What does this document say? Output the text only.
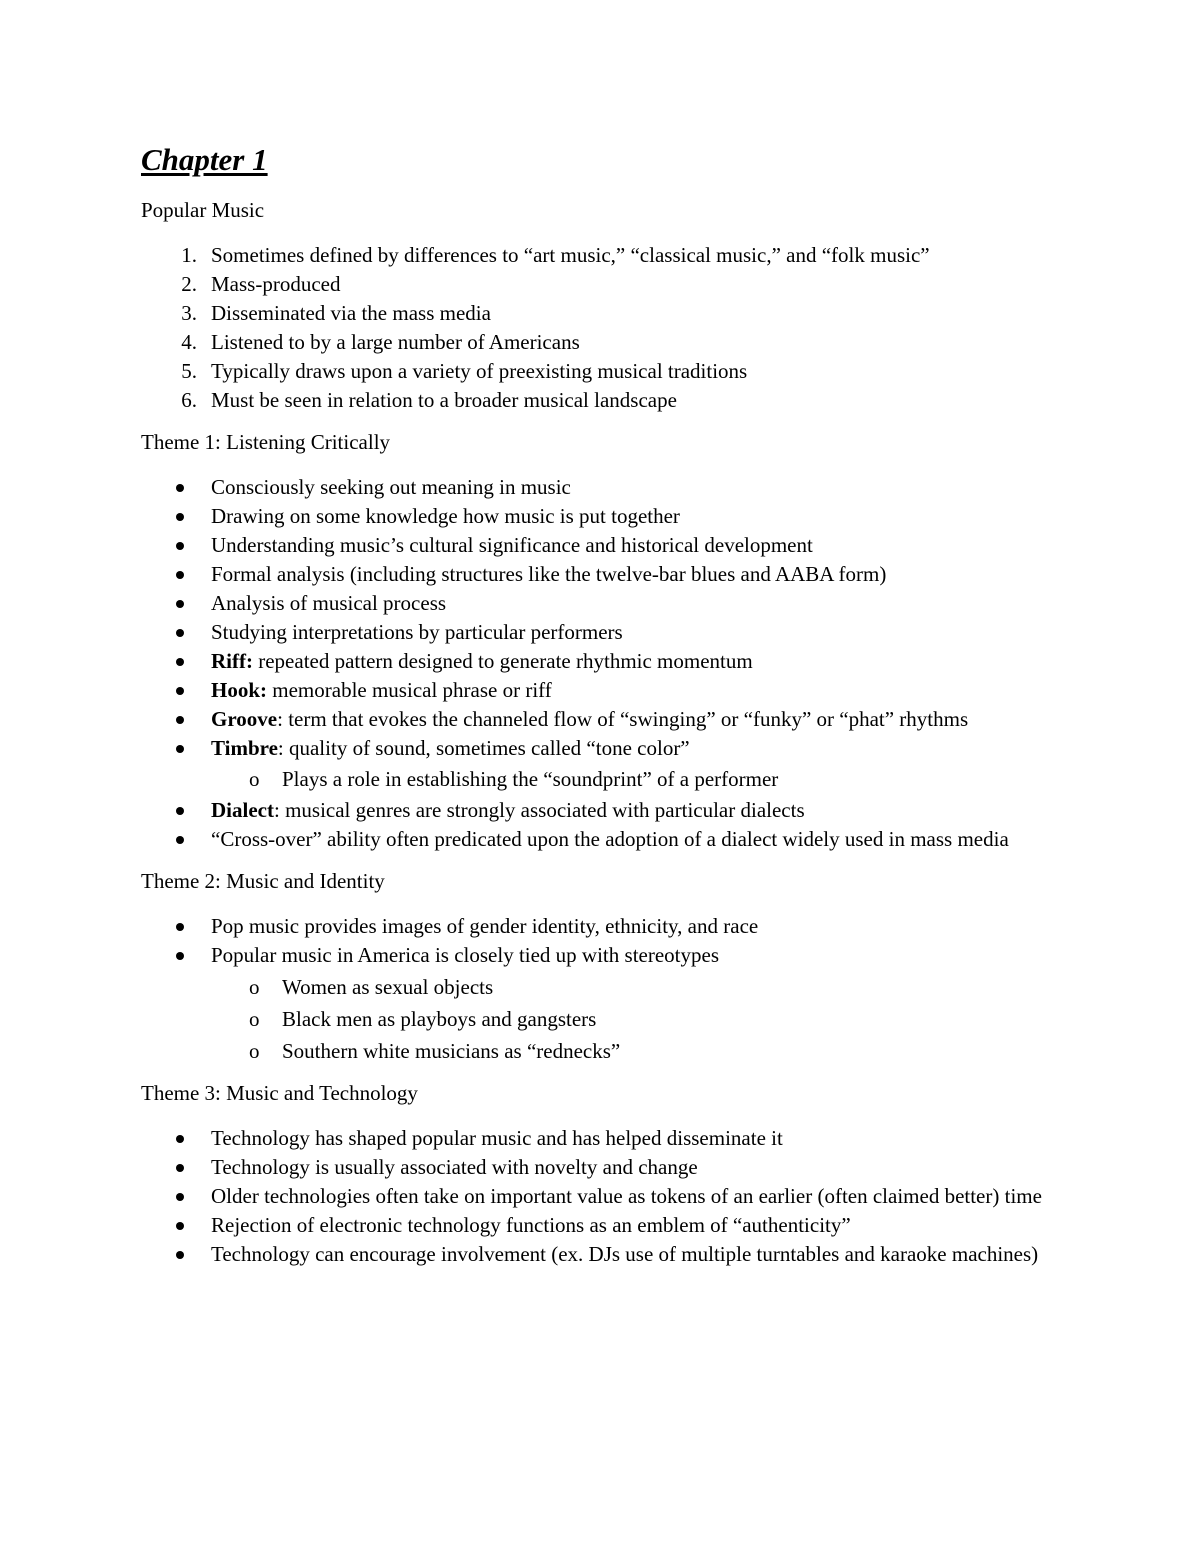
Chapter 1

Popular Music

1. Sometimes defined by differences to “art music,” “classical music,” and “folk music”
2. Mass-produced
3. Disseminated via the mass media
4. Listened to by a large number of Americans
5. Typically draws upon a variety of preexisting musical traditions
6. Must be seen in relation to a broader musical landscape

Theme 1: Listening Critically

Consciously seeking out meaning in music
Drawing on some knowledge how music is put together
Understanding music’s cultural significance and historical development
Formal analysis (including structures like the twelve-bar blues and AABA form)
Analysis of musical process
Studying interpretations by particular performers
Riff: repeated pattern designed to generate rhythmic momentum
Hook: memorable musical phrase or riff
Groove: term that evokes the channeled flow of “swinging” or “funky” or “phat” rhythms
Timbre: quality of sound, sometimes called “tone color”
o Plays a role in establishing the “soundprint” of a performer
Dialect: musical genres are strongly associated with particular dialects
“Cross-over” ability often predicated upon the adoption of a dialect widely used in mass media

Theme 2: Music and Identity

Pop music provides images of gender identity, ethnicity, and race
Popular music in America is closely tied up with stereotypes
o Women as sexual objects
o Black men as playboys and gangsters
o Southern white musicians as “rednecks”

Theme 3: Music and Technology

Technology has shaped popular music and has helped disseminate it
Technology is usually associated with novelty and change
Older technologies often take on important value as tokens of an earlier (often claimed better) time
Rejection of electronic technology functions as an emblem of “authenticity”
Technology can encourage involvement (ex. DJs use of multiple turntables and karaoke machines)
